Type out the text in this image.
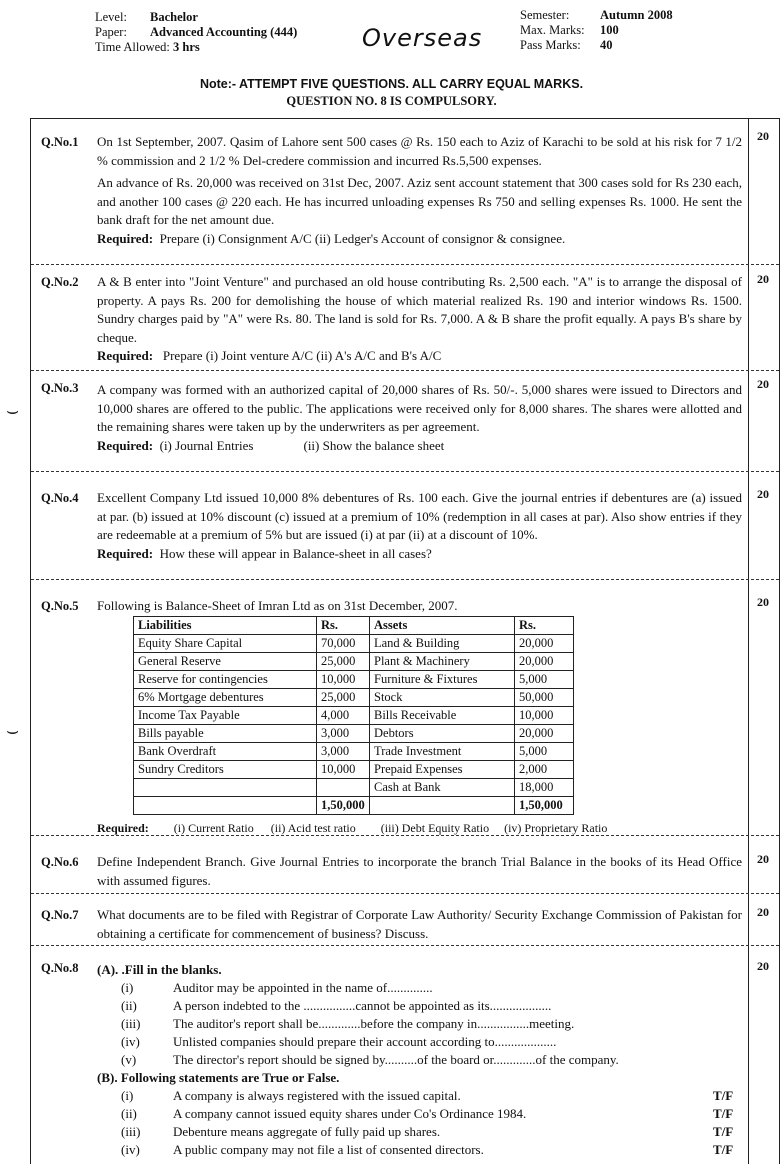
Level: Bachelor
Paper: Advanced Accounting (444)
Time Allowed: 3 hrs	Overseas
Semester: Autumn 2008
Max. Marks: 100
Pass Marks: 40
Note:- ATTEMPT FIVE QUESTIONS. ALL CARRY EQUAL MARKS.
QUESTION NO. 8 IS COMPULSORY.
Q.No.1	20
On 1st September, 2007. Qasim of Lahore sent 500 cases @ Rs. 150 each to Aziz of Karachi to be sold at his risk for 7 1/2 % commission and 2 1/2 % Del-credere commission and incurred Rs.5,500 expenses.
An advance of Rs. 20,000 was received on 31st Dec, 2007. Aziz sent account statement that 300 cases sold for Rs 230 each, and another 100 cases @ 220 each. He has incurred unloading expenses Rs 750 and selling expenses Rs. 1000. He sent the bank draft for the net amount due.
Required: Prepare (i) Consignment A/C (ii) Ledger's Account of consignor & consignee.
Q.No.2	20
A & B enter into "Joint Venture" and purchased an old house contributing Rs. 2,500 each. "A" is to arrange the disposal of property. A pays Rs. 200 for demolishing the house of which material realized Rs. 190 and interior windows Rs. 1500. Sundry charges paid by "A" were Rs. 80. The land is sold for Rs. 7,000. A & B share the profit equally. A pays B's share by cheque.
Required: Prepare (i) Joint venture A/C (ii) A's A/C and B's A/C
Q.No.3	20
A company was formed with an authorized capital of 20,000 shares of Rs. 50/-. 5,000 shares were issued to Directors and 10,000 shares are offered to the public. The applications were received only for 8,000 shares. The shares were allotted and the remaining shares were taken up by the underwriters as per agreement.
Required: (i) Journal Entries	(ii) Show the balance sheet
Q.No.4	20
Excellent Company Ltd issued 10,000 8% debentures of Rs. 100 each. Give the journal entries if debentures are (a) issued at par. (b) issued at 10% discount (c) issued at a premium of 10% (redemption in all cases at par). Also show entries if they are redeemable at a premium of 5% but are issued (i) at par (ii) at a discount of 10%.
Required: How these will appear in Balance-sheet in all cases?
Q.No.5	20
Following is Balance-Sheet of Imran Ltd as on 31st December, 2007.
Liabilities	Rs.	Assets	Rs.
Equity Share Capital	70,000	Land & Building	20,000
General Reserve	25,000	Plant & Machinery	20,000
Reserve for contingencies	10,000	Furniture & Fixtures	5,000
6% Mortgage debentures	25,000	Stock	50,000
Income Tax Payable	4,000	Bills Receivable	10,000
Bills payable	3,000	Debtors	20,000
Bank Overdraft	3,000	Trade Investment	5,000
Sundry Creditors	10,000	Prepaid Expenses	2,000
		Cash at Bank	18,000
	1,50,000		1,50,000
Required: (i) Current Ratio (ii) Acid test ratio (iii) Debt Equity Ratio (iv) Proprietary Ratio
Q.No.6	20
Define Independent Branch. Give Journal Entries to incorporate the branch Trial Balance in the books of its Head Office with assumed figures.
Q.No.7	20
What documents are to be filed with Registrar of Corporate Law Authority/ Security Exchange Commission of Pakistan for obtaining a certificate for commencement of business? Discuss.
Q.No.8	20
(A). .Fill in the blanks.
(i)	Auditor may be appointed in the name of..............
(ii)	A person indebted to the ................cannot be appointed as its...................
(iii)	The auditor's report shall be.............before the company in................meeting.
(iv)	Unlisted companies should prepare their account according to...................
(v)	The director's report should be signed by..........of the board or.............of the company.
(B). Following statements are True or False.
(i)	A company is always registered with the issued capital.	T/F
(ii)	A company cannot issued equity shares under Co's Ordinance 1984.	T/F
(iii)	Debenture means aggregate of fully paid up shares.	T/F
(iv)	A public company may not file a list of consented directors.	T/F
⌣
⌣
